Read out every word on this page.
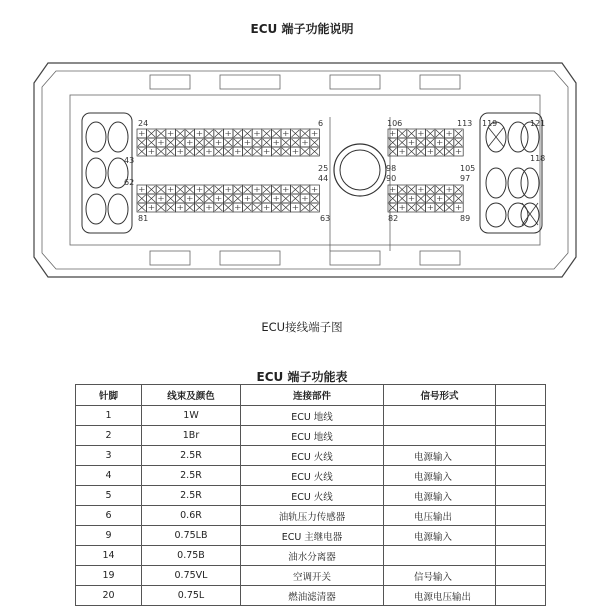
ECU 端子功能说明
24	6
43
25
62	44
81	63
106	113
98
90
105
97
82	89
119	121
118
ECU接线端子图
ECU 端子功能表
针脚	线束及颜色	连接部件	信号形式	
1	1W	ECU 地线		
2	1Br	ECU 地线		
3	2.5R	ECU 火线	电源输入	
4	2.5R	ECU 火线	电源输入	
5	2.5R	ECU 火线	电源输入	
6	0.6R	油轨压力传感器	电压输出	
9	0.75LB	ECU 主继电器	电源输入	
14	0.75B	油水分离器		
19	0.75VL	空调开关	信号输入	
20	0.75L	燃油滤清器	电源电压输出	
